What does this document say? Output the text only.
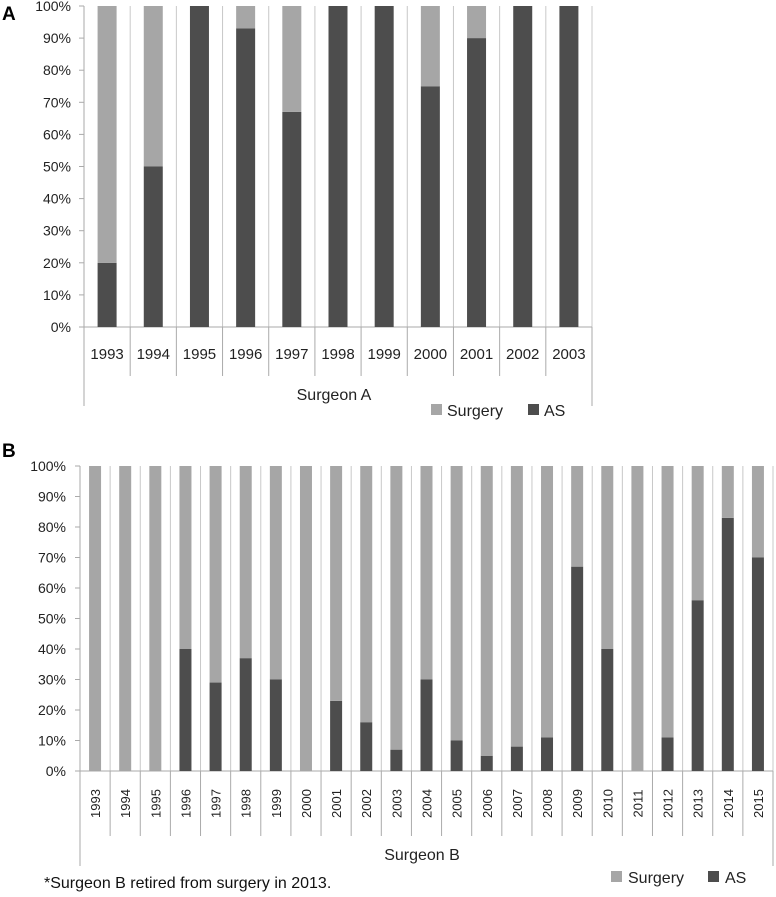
A
0%
10%
20%
30%
40%
50%
60%
70%
80%
90%
100%
1993 1994 1995 1996 1997 1998 1999 2000 2001 2002 2003
Surgeon A
Surgery	AS
B
0%
10%
20%
30%
40%
50%
60%
70%
80%
90%
100%
1993 1994 1995 1996 1997 1998 1999 2000 2001 2002 2003 2004 2005 2006 2007 2008 2009 2010 2011 2012 2013 2014 2015
Surgeon B
Surgery	AS
*Surgeon B retired from surgery in 2013.
